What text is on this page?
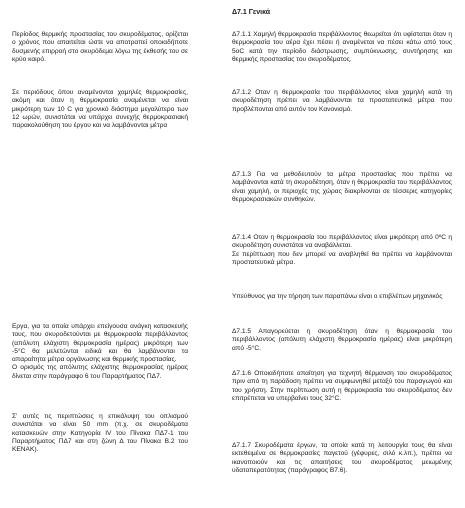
Δ7.1 Γενικά

Περίοδος θερμικής προστασίας του σκυροδέματος, ορίζεται ο χρόνος που απαιτείται ώστε να αποτραπεί οποιαδήποτε δυσμενής επιρροή στο σκυρόδεμα λόγω της έκθεσής του σε κρύο καιρό.

Σε περιόδους όπου αναμένονται χαμηλές θερμοκρασίες, ακόμη και όταν η θερμοκρασία αναμένεται να είναι μικρότερη των 10 C για χρονικό διάστημα μεγαλύτερο των 12 ωρών, συνιστάται να υπάρχει συνεχής θερμοκρασιακή παρακολούθηση του έργου και να λαμβάνονται μέτρα

Εργα, για τα οποία υπάρχει επείγουσα ανάγκη κατασκευής τους, που σκυροδετούνται με θερμοκρασία περιβάλλοντος (απόλυτη ελάχιστη θερμοκρασία ημέρας) μικρότερη των -5°C θα μελετώνται ειδικά και θα λαμβάνονται τα απαραίτητα μέτρα οργάνωσης και θερμικής προστασίας.
Ο ορισμός της απόλυτης ελάχιστης θερμοκρασίας ημέρας δίνεται στην παράγραφο 6 του Παραρτήματος ΠΔ7.

Σ' αυτές τις περιπτώσεις η επικάλυψη του οπλισμού συνιστάται να είναι 50 mm (π.χ. σε σκυροδέματα κατασκευών στην Κατηγορία IV του Πίνακα ΠΔ7-1 του Παραρτήματος ΠΔ7 και στη ζώνη Δ του Πίνακα Β.2 του ΚΕΝΑΚ).

Δ7.1.1 Χαμηλή θερμοκρασία περιβάλλοντος θεωρείται ότι υφίσταται όταν η θερμοκρασία του αέρα έχει πέσει ή αναμένεται να πέσει κάτω από τους 5oC κατά την περίοδο διάστρωσης, συμπύκνωσης, συντήρησης και θερμικής προστασίας του σκυροδέματος.

Δ7.1.2 Οταν η θερμοκρασία του περιβάλλοντος είναι χαμηλή κατά τη σκυροδέτηση πρέπει να λαμβάνονται τα προστατευτικά μέτρα που προβλέπονται από αυτόν τον Κανονισμό.

Δ7.1.3 Για να μεθοδευτούν τα μέτρα προστασίας που πρέπει να λαμβάνονται κατά τη σκυροδέτηση, όταν η θερμοκρασία του περιβάλλοντος είναι χαμηλή, οι περιοχές της χώρας διακρίνονται σε τέσσερις κατηγορίες θερμοκρασιακών συνθηκών.

Δ7.1.4 Οταν η θερμοκρασία του περιβάλλοντος είναι μικρότερη από 0ºC η σκυροδέτηση συνιστάται να αναβάλλεται.
Σε περίπτωση που δεν μπορεί να αναβληθεί θα πρέπει να λαμβάνονται προστατευτικά μέτρα.

Υπεύθυνος για την τήρηση των παραπάνω είναι ο επιβλέπων μηχανικός

Δ7.1.5 Απαγορεύεται η σκυροδέτηση όταν η θερμοκρασία του περιβάλλοντος (απόλυτη ελάχιστη θερμοκρασία ημέρας) είναι μικρότερη από -5°C.

Δ7.1.6 Οποιαδήποτε απαίτηση για τεχνητή θέρμανση του σκυροδέματος πριν από τη παράδοση πρέπει να συμφωνηθεί μεταξύ του παραγωγού και του χρήστη. Στην περίπτωση αυτή η θερμοκρασία του σκυροδέματος δεν επιτρέπεται να υπερβαίνει τους 32°C.

Δ7.1.7 Σκυροδέματα έργων, τα οποία κατά τη λειτουργία τους θα είναι εκτεθειμένα σε θερμοκρασίες παγετού (γέφυρες, σιλό κ.λπ.), πρέπει να ικανοποιούν και τις απαιτήσεις του σκυροδέματος μειωμένης υδατοπερατότητας (παράγραφος Β7.6).
